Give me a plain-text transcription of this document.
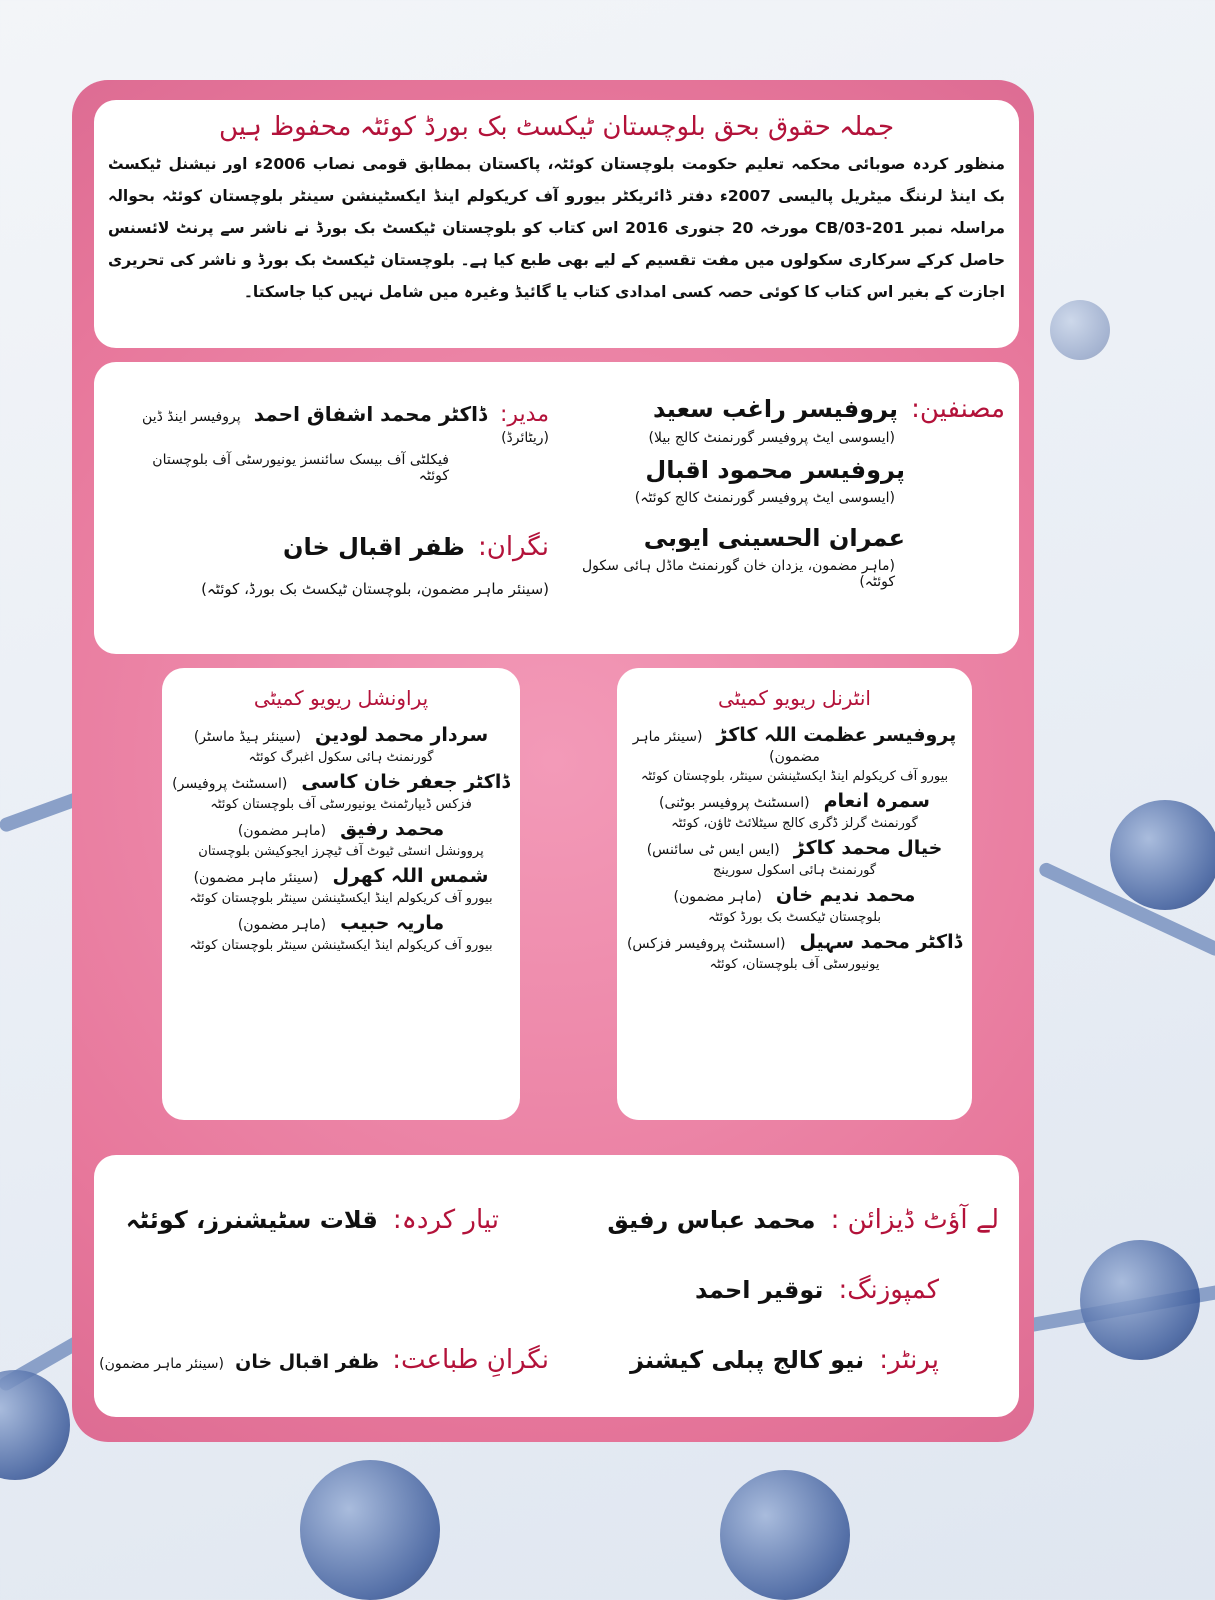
جملہ حقوق بحق بلوچستان ٹیکسٹ بک بورڈ کوئٹہ محفوظ ہیں
منظور کردہ صوبائی محکمہ تعلیم حکومت بلوچستان کوئٹہ، پاکستان بمطابق قومی نصاب 2006ء اور نیشنل ٹیکسٹ بک اینڈ لرننگ میٹریل پالیسی 2007ء دفتر ڈائریکٹر بیورو آف کریکولم اینڈ ایکسٹینشن سینٹر بلوچستان کوئٹہ بحوالہ مراسلہ نمبر CB/03-201 مورخہ 20 جنوری 2016 اس کتاب کو بلوچستان ٹیکسٹ بک بورڈ نے ناشر سے پرنٹ لائسنس حاصل کرکے سرکاری سکولوں میں مفت تقسیم کے لیے بھی طبع کیا ہے۔ بلوچستان ٹیکسٹ بک بورڈ و ناشر کی تحریری اجازت کے بغیر اس کتاب کا کوئی حصہ کسی امدادی کتاب یا گائیڈ وغیرہ میں شامل نہیں کیا جاسکتا۔
مصنفین: پروفیسر راغب سعید
(ایسوسی ایٹ پروفیسر گورنمنٹ کالج بیلا)
پروفیسر محمود اقبال
(ایسوسی ایٹ پروفیسر گورنمنٹ کالج کوئٹہ)
عمران الحسینی ایوبی
(ماہر مضمون، یزدان خان گورنمنٹ ماڈل ہائی سکول کوئٹہ)
مدیر: ڈاکٹر محمد اشفاق احمد پروفیسر اینڈ ڈین (ریٹائرڈ)
فیکلٹی آف بیسک سائنسز یونیورسٹی آف بلوچستان کوئٹہ
نگران: ظفر اقبال خان
(سینئر ماہر مضمون، بلوچستان ٹیکسٹ بک بورڈ، کوئٹہ)
انٹرنل ریویو کمیٹی
پروفیسر عظمت اللہ کاکڑ(سینئر ماہر مضمون)
بیورو آف کریکولم اینڈ ایکسٹینشن سینٹر، بلوچستان کوئٹہ
سمرہ انعام(اسسٹنٹ پروفیسر بوٹنی)
گورنمنٹ گرلز ڈگری کالج سیٹلائٹ ٹاؤن، کوئٹہ
خیال محمد کاکڑ(ایس ایس ٹی سائنس)
گورنمنٹ ہائی اسکول سورینج
محمد ندیم خان(ماہر مضمون)
بلوچستان ٹیکسٹ بک بورڈ کوئٹہ
ڈاکٹر محمد سہیل(اسسٹنٹ پروفیسر فزکس)
یونیورسٹی آف بلوچستان، کوئٹہ
پراونشل ریویو کمیٹی
سردار محمد لودین(سینئر ہیڈ ماسٹر)
گورنمنٹ ہائی سکول اغبرگ کوئٹہ
ڈاکٹر جعفر خان کاسی(اسسٹنٹ پروفیسر)
فزکس ڈیپارٹمنٹ یونیورسٹی آف بلوچستان کوئٹہ
محمد رفیق(ماہر مضمون)
پروونشل انسٹی ٹیوٹ آف ٹیچرز ایجوکیشن بلوچستان
شمس اللہ کھرل(سینئر ماہر مضمون)
بیورو آف کریکولم اینڈ ایکسٹینشن سینٹر بلوچستان کوئٹہ
ماریہ حبیب(ماہر مضمون)
بیورو آف کریکولم اینڈ ایکسٹینشن سینٹر بلوچستان کوئٹہ
لے آؤٹ ڈیزائن : محمد عباس رفیق
تیار کردہ: قلات سٹیشنرز، کوئٹہ
کمپوزنگ: توقیر احمد
پرنٹر: نیو کالج پبلی کیشنز
نگرانِ طباعت: ظفر اقبال خان (سینئر ماہر مضمون)
